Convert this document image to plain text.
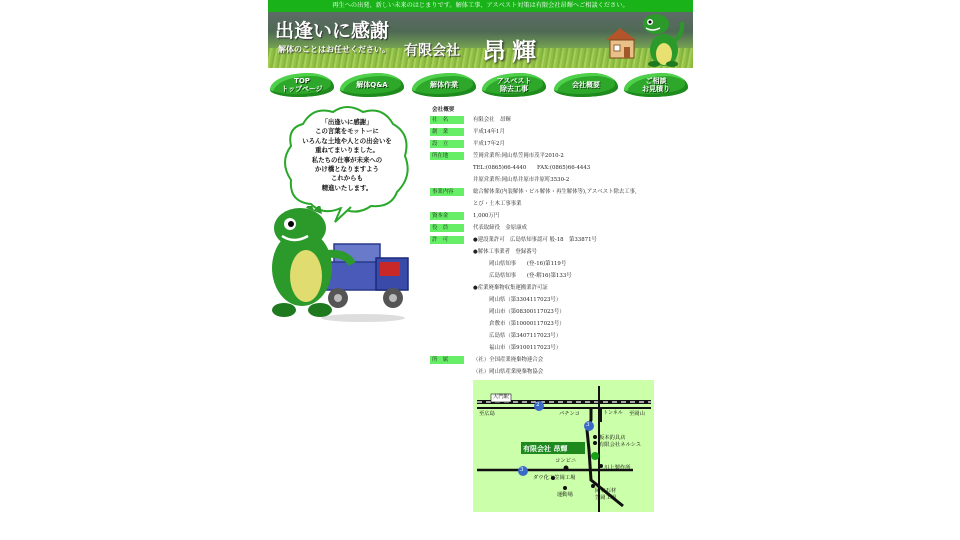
再生への出発、新しい未来のはじまりです。解体工事、アスベスト対策は有限会社昂輝へご相談ください。
出逢いに感謝
解体のことはお任せください。 有限会社 昂輝
TOP
トップページ	解体Q&A	解体作業	アスベスト
除去工事	会社概要	ご相談
お見積り
「出逢いに感謝」
この言葉をモットーに
いろんな土地や人との出会いを
重ねてまいりました。
私たちの仕事が未来への
かけ橋となりますよう
これからも
精進いたします。
会社概要
社　名	有限会社　昂輝
創　業	平成14年1月
設　立	平成17年2月
所在地	笠岡営業所:岡山県笠岡市茂平2010-2
TEL:(0865)66-4440　　FAX:(0865)66-4443
井原営業所:岡山県井原市井原町3530-2
事業内容	総合解体業(内装解体・ビル解体・再生解体等),アスベスト除去工事,
とび・土木工事事業
資本金	1,000万円
役　員	代表取締役　金原康成
許　可	●建設業許可　広島県知事認可 般-18　第33871号
●解体工事業者　登録番号
　　　岡山県知事　　(登-16)第119号
　　　広島県知事　　(登-解16)第133号
●産業廃棄物収集運搬業許可証
　　　岡山県（第3304117023号）
　　　岡山市（第08300117023号）
　　　倉敷市（第10000117023号）
　　　広島県（第3407117023号）
　　　福山市（第9100117023号）
所　属	（社）全国産業廃棄物連合会
（社）岡山県産業廃棄物協会
大門駅
至広島	至岡山
パチンコ	トンネル
2
3
3
有限会社 昂輝
板本釣具店
有限会社ネルシス
コンビニ
川上製作所
ダウ化工笠岡工場
運動場
岡本石材
笠岡工場
